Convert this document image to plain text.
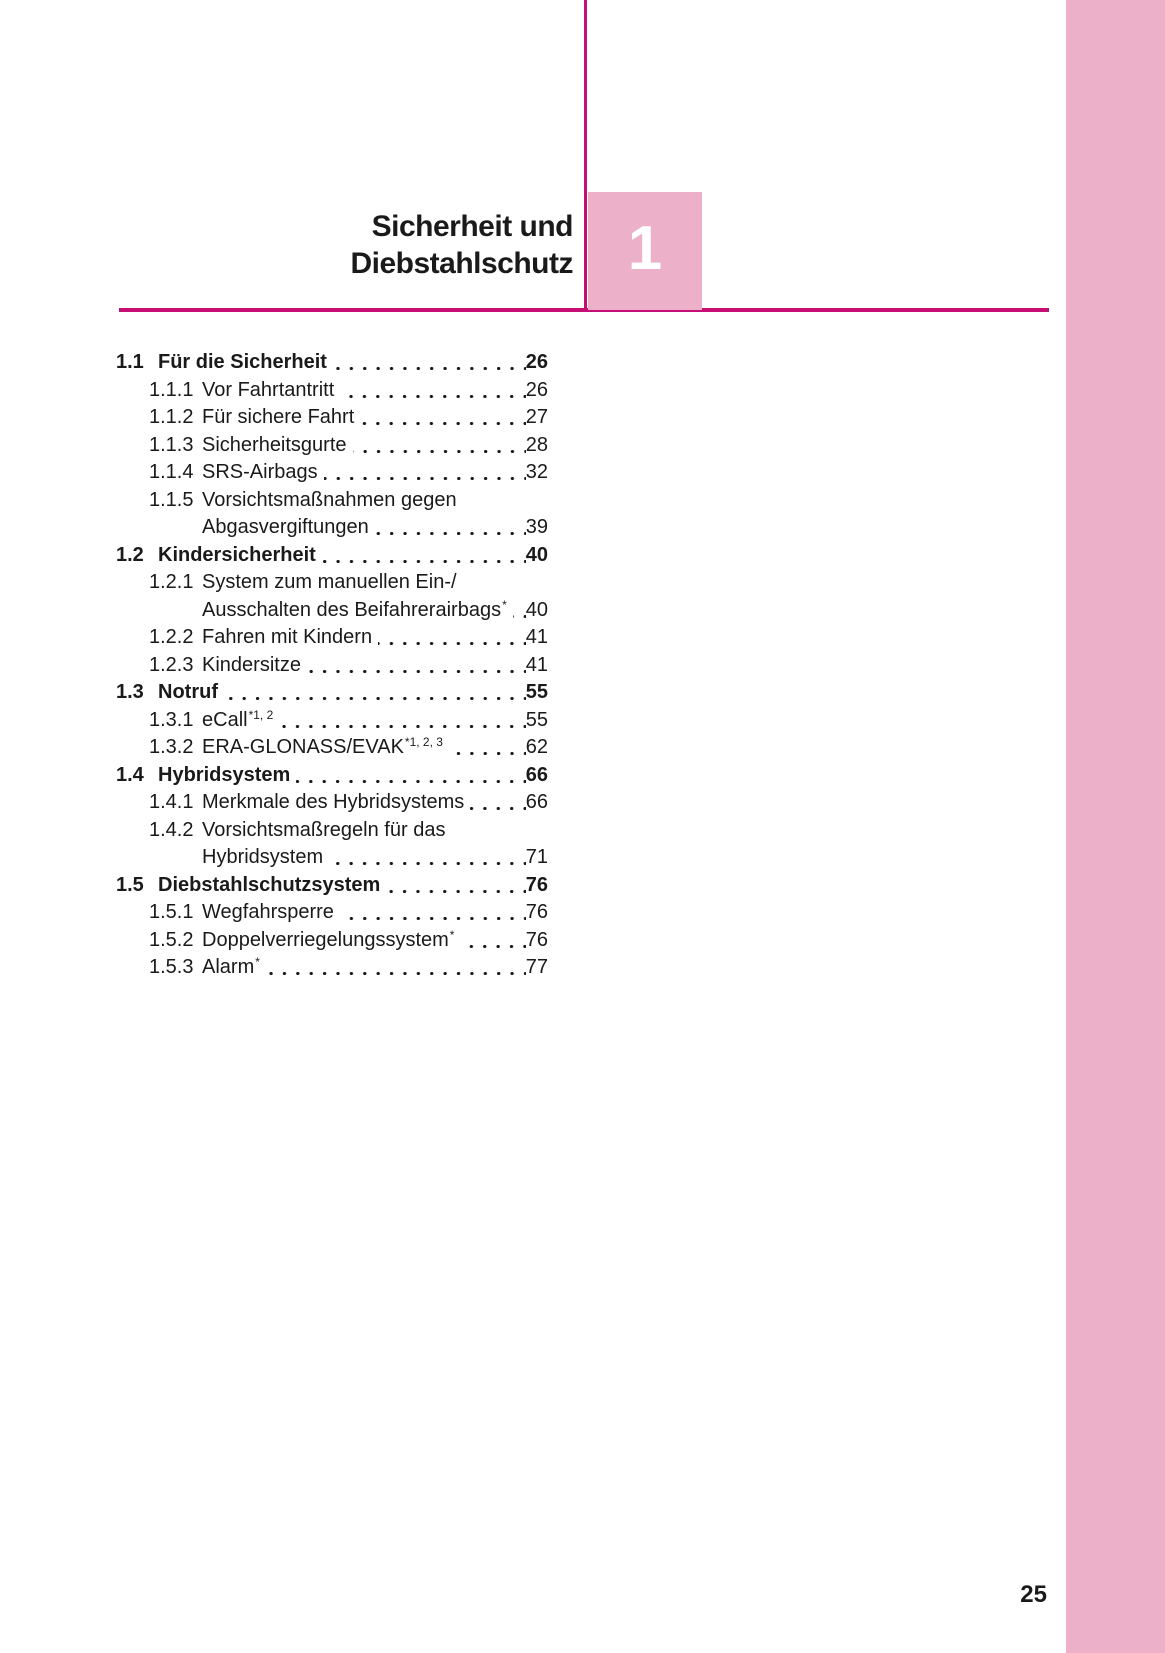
Sicherheit und
Diebstahlschutz 1
1.1 Für die Sicherheit	26
1.1.1 Vor Fahrtantritt	26
1.1.2 Für sichere Fahrt	27
1.1.3 Sicherheitsgurte	28
1.1.4 SRS-Airbags	32
1.1.5 Vorsichtsmaßnahmen gegen
Abgasvergiftungen	39
1.2 Kindersicherheit	40
1.2.1 System zum manuellen Ein-/
Ausschalten des Beifahrerairbags* 40
1.2.2 Fahren mit Kindern	41
1.2.3 Kindersitze	41
1.3 Notruf	55
1.3.1 eCall$^{*1, 2}$	55
1.3.2 ERA-GLONASS/EVAK$^{*1, 2, 3}$	62
1.4 Hybridsystem	66
1.4.1 Merkmale des Hybridsystems	66
1.4.2 Vorsichtsmaßregeln für das
Hybridsystem	71
1.5 Diebstahlschutzsystem	76
1.5.1 Wegfahrsperre	76
1.5.2 Doppelverriegelungssystem*	76
1.5.3 Alarm*	77
25
